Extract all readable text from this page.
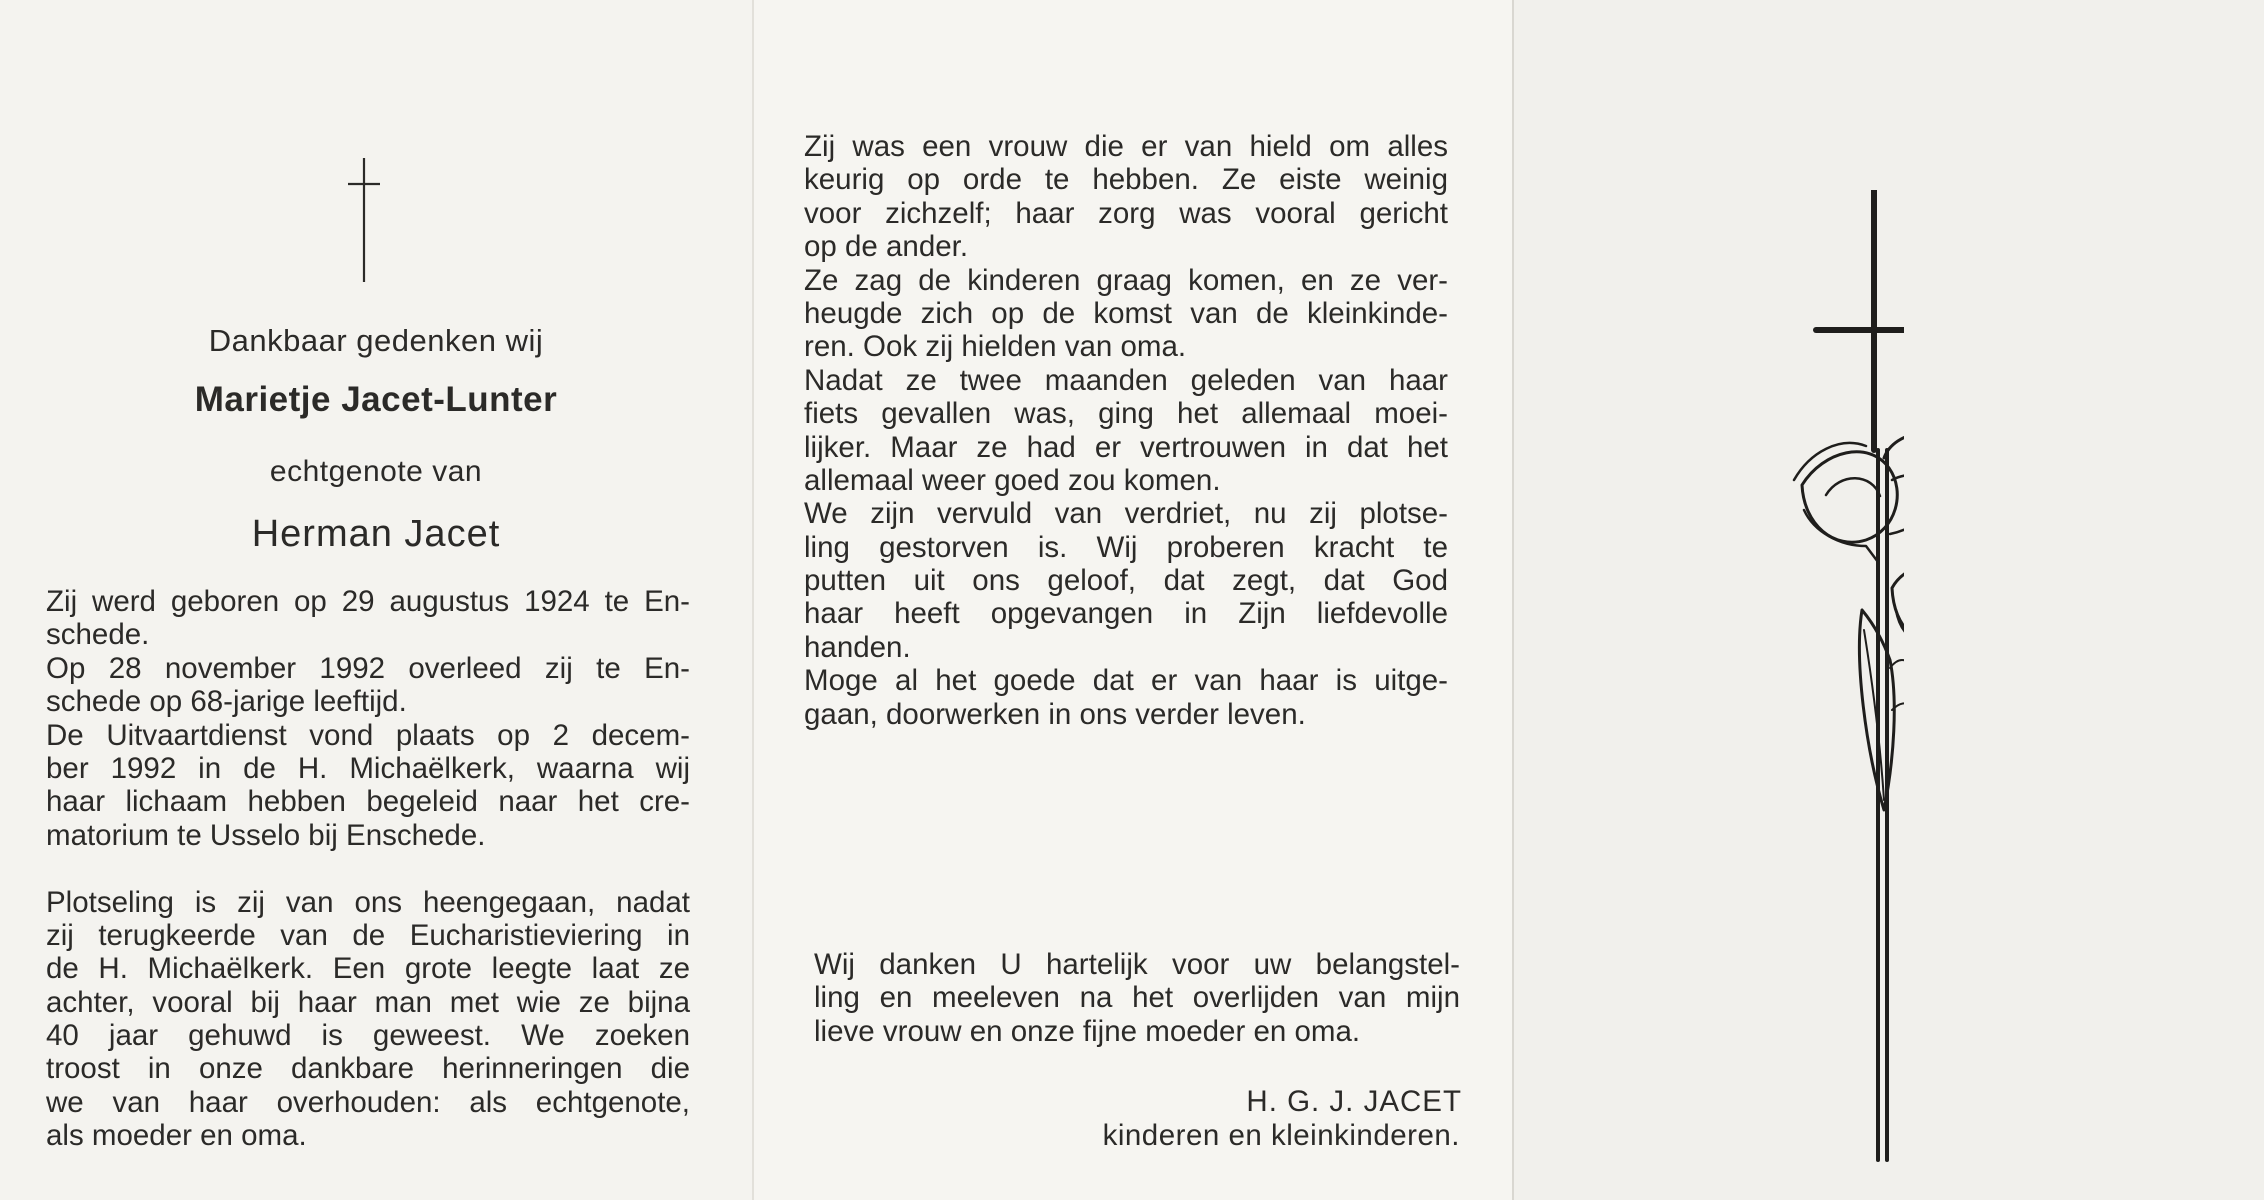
Dankbaar gedenken wij
Marietje Jacet-Lunter
echtgenote van
Herman Jacet
Zij werd geboren op 29 augustus 1924 te En-
schede.
Op 28 november 1992 overleed zij te En-
schede op 68-jarige leeftijd.
De Uitvaartdienst vond plaats op 2 decem-
ber 1992 in de H. Michaëlkerk, waarna wij
haar lichaam hebben begeleid naar het cre-
matorium te Usselo bij Enschede.
Plotseling is zij van ons heengegaan, nadat
zij terugkeerde van de Eucharistieviering in
de H. Michaëlkerk. Een grote leegte laat ze
achter, vooral bij haar man met wie ze bijna
40 jaar gehuwd is geweest. We zoeken
troost in onze dankbare herinneringen die
we van haar overhouden: als echtgenote,
als moeder en oma.
Zij was een vrouw die er van hield om alles
keurig op orde te hebben. Ze eiste weinig
voor zichzelf; haar zorg was vooral gericht
op de ander.
Ze zag de kinderen graag komen, en ze ver-
heugde zich op de komst van de kleinkinde-
ren. Ook zij hielden van oma.
Nadat ze twee maanden geleden van haar
fiets gevallen was, ging het allemaal moei-
lijker. Maar ze had er vertrouwen in dat het
allemaal weer goed zou komen.
We zijn vervuld van verdriet, nu zij plotse-
ling gestorven is. Wij proberen kracht te
putten uit ons geloof, dat zegt, dat God
haar heeft opgevangen in Zijn liefdevolle
handen.
Moge al het goede dat er van haar is uitge-
gaan, doorwerken in ons verder leven.
Wij danken U hartelijk voor uw belangstel-
ling en meeleven na het overlijden van mijn
lieve vrouw en onze fijne moeder en oma.
H. G. J. JACET
kinderen en kleinkinderen.
